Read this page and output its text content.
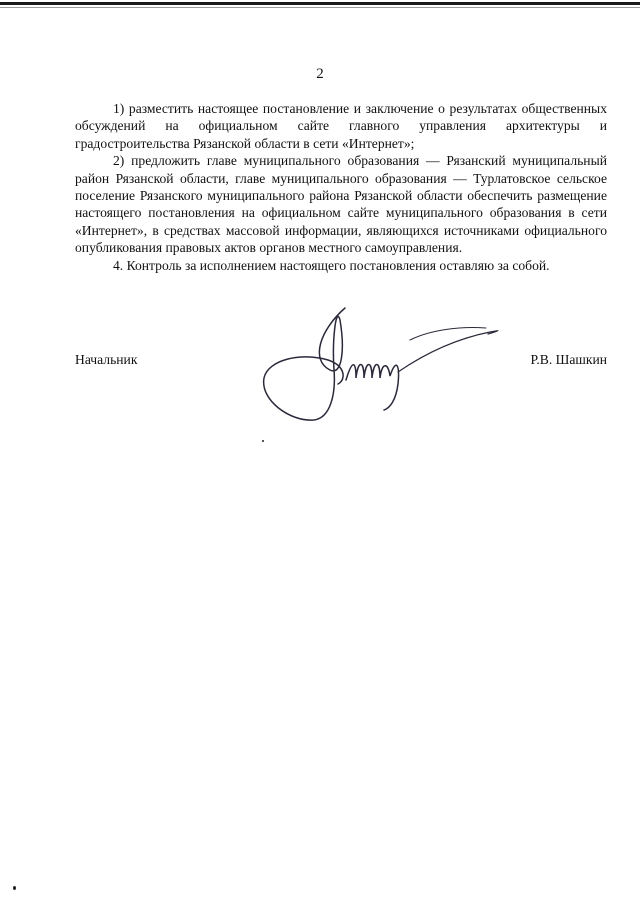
2

1) разместить настоящее постановление и заключение о результатах общественных обсуждений на официальном сайте главного управления архитектуры и градостроительства Рязанской области в сети «Интернет»;

2) предложить главе муниципального образования — Рязанский муниципальный район Рязанской области, главе муниципального образования — Турлатовское сельское поселение Рязанского муниципального района Рязанской области обеспечить размещение настоящего постановления на официальном сайте муниципального образования в сети «Интернет», в средствах массовой информации, являющихся источниками официального опубликования правовых актов органов местного самоуправления.

4. Контроль за исполнением настоящего постановления оставляю за собой.

Начальник	Р.В. Шашкин
